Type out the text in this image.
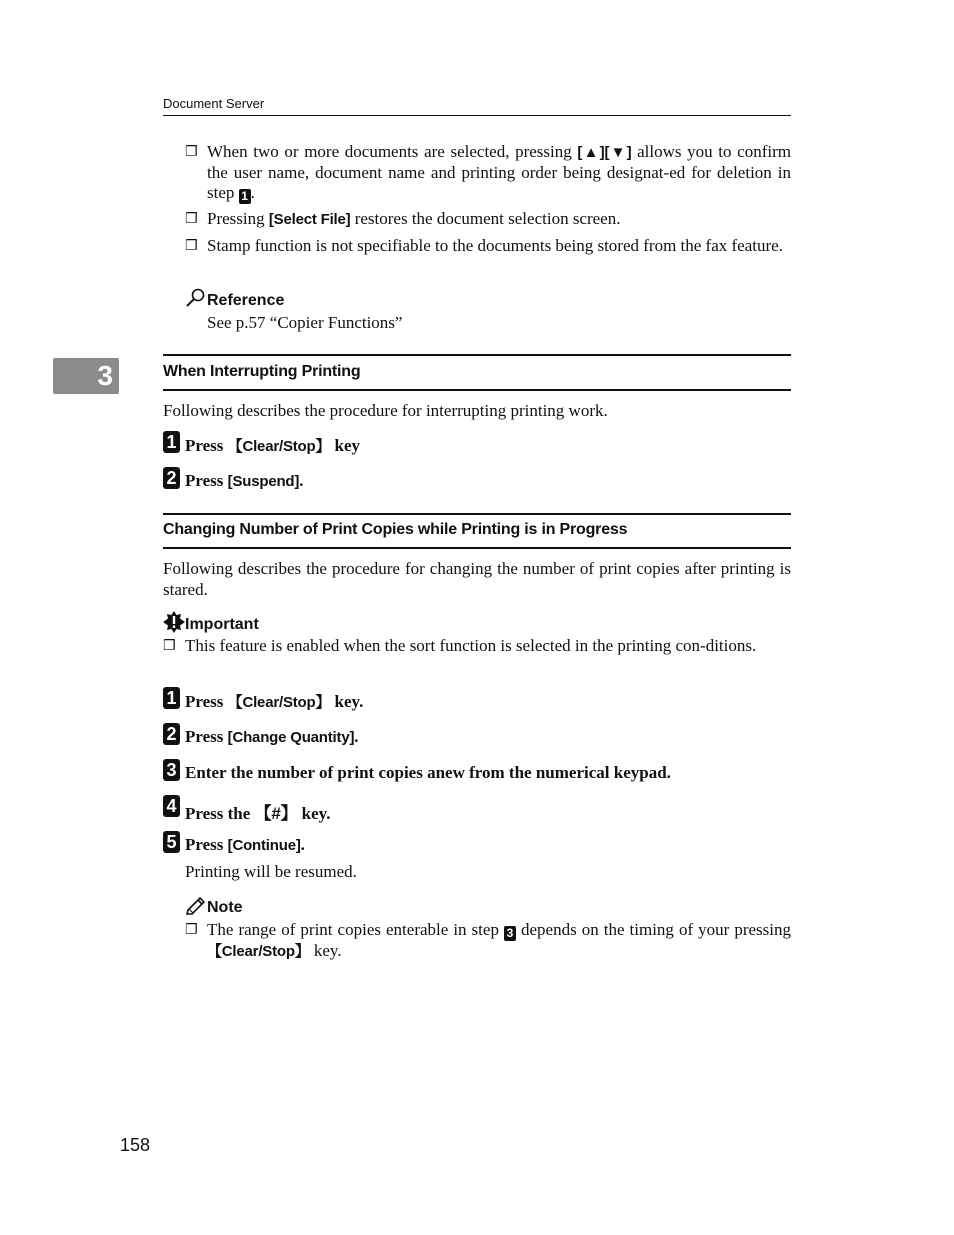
Document Server
❒ When two or more documents are selected, pressing [▲][▼] allows you to confirm the user name, document name and printing order being designat-ed for deletion in step 1 .
❒ Pressing [Select File] restores the document selection screen.
❒ Stamp function is not specifiable to the documents being stored from the fax feature.
Reference
See p.57 “Copier Functions”
3	When Interrupting Printing
Following describes the procedure for interrupting printing work.
1 Press 【Clear/Stop】 key
2 Press [Suspend].
Changing Number of Print Copies while Printing is in Progress
Following describes the procedure for changing the number of print copies after printing is stared.
Important
❒ This feature is enabled when the sort function is selected in the printing con-ditions.
1 Press 【Clear/Stop】 key.
2 Press [Change Quantity].
3 Enter the number of print copies anew from the numerical keypad.
4 Press the 【#】 key.
5 Press [Continue].
Printing will be resumed.
Note
❒ The range of print copies enterable in step 3 depends on the timing of your pressing 【Clear/Stop】 key.
158
